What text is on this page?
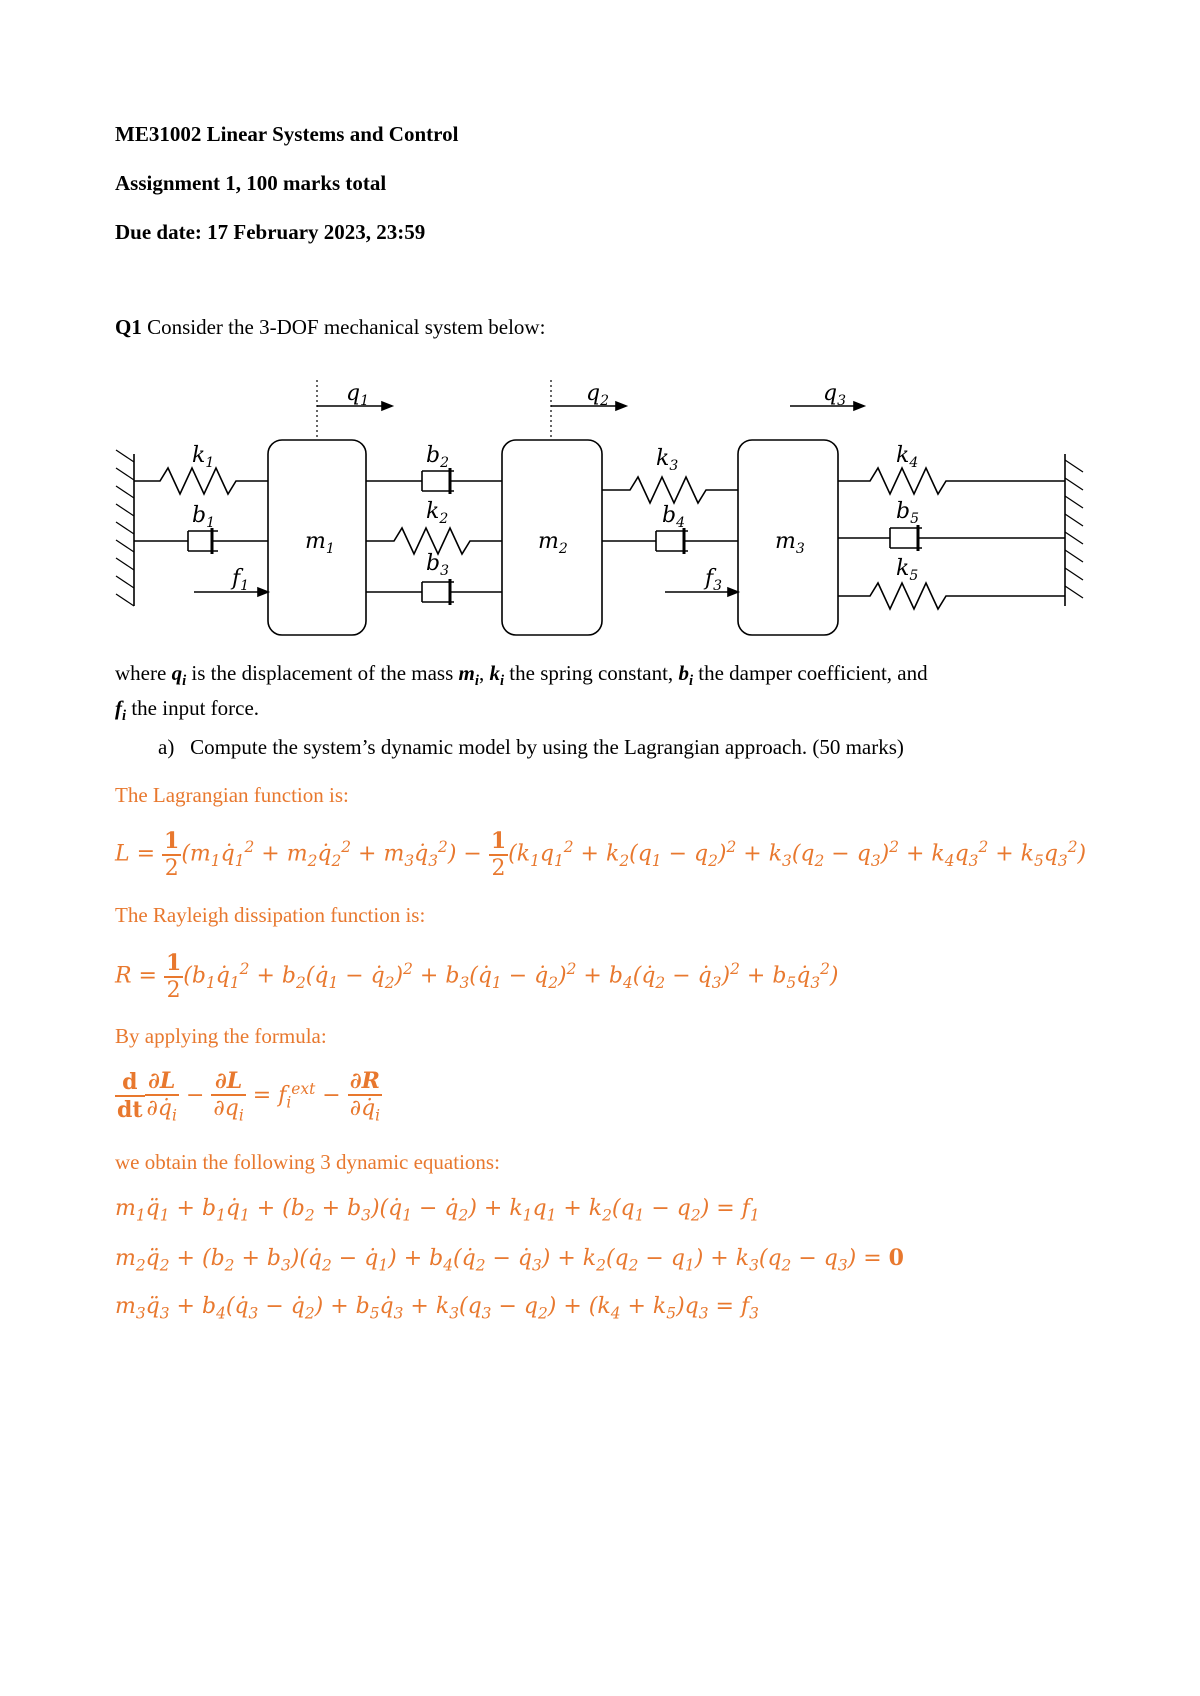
ME31002 Linear Systems and Control
Assignment 1, 100 marks total
Due date: 17 February 2023, 23:59
Q1 Consider the 3-DOF mechanical system below:
$q_1$	$q_2$	$q_3$
$k_1$
$b_1$
$f_1$
$m_1$
$b_2$
$k_2$
$b_3$
$m_2$
$k_3$
$b_4$
$f_3$
$m_3$
$k_4$
$b_5$
$k_5$
where $q_i$ is the displacement of the mass $m_i$, $k_i$ the spring constant, $b_i$ the damper coefficient, and
$f_i$ the input force.
a) Compute the system’s dynamic model by using the Lagrangian approach. (50 marks)
The Lagrangian function is:
$L = \frac{1}{2}$ ($m_1q̇_1^2$ + $m_2q̇_2^2$ + $m_3q̇_3^2) - \frac{1}{2} (k_1q_1^2 + k_2(q_1 - q_2)^2 + k_3(q_2 - q_3)^2 + k_4q_3^2 + k_5q_3^2)$
The Rayleigh dissipation function is:
$R = \frac{1}{2}$ ($b_1q̇_1^2$ + $b_2(q̇_1$ − $q̇_2)^2$ + $b_3(q̇_1$ − $q̇_2)^2$ + $b_4(q̇_2$ − $q̇_3)^2$ + $b_5q̇_3^2$)
By applying the formula:
$\frac{d}{dt} \frac{\partial L}{\partial q̇_i} - \frac{\partial L}{\partial q_i} = f_i^{ext} - \frac{\partial R}{\partial q̇_i}$
we obtain the following 3 dynamic equations:
$m_1q̈_1$ + $b_1q̇_1 + (b_2$ + $b_3)(q̇_1$ − $q̇_2) + k_1q_1 + k_2(q_1 - q_2) = f_1$
$m_2q̈_2 + (b_2$ + $b_3)(q̇_2$ − $q̇_1$) + $b_4(q̇_2$ − $q̇_3) + k_2(q_2 - q_1) + k_3(q_2 - q_3) = 0$
$m_3q̈_3$ + $b_4(q̇_3$ − $q̇_2$) + $b_5q̇_3 + k_3(q_3 - q_2) + (k_4 + k_5)q_3 = f_3$
